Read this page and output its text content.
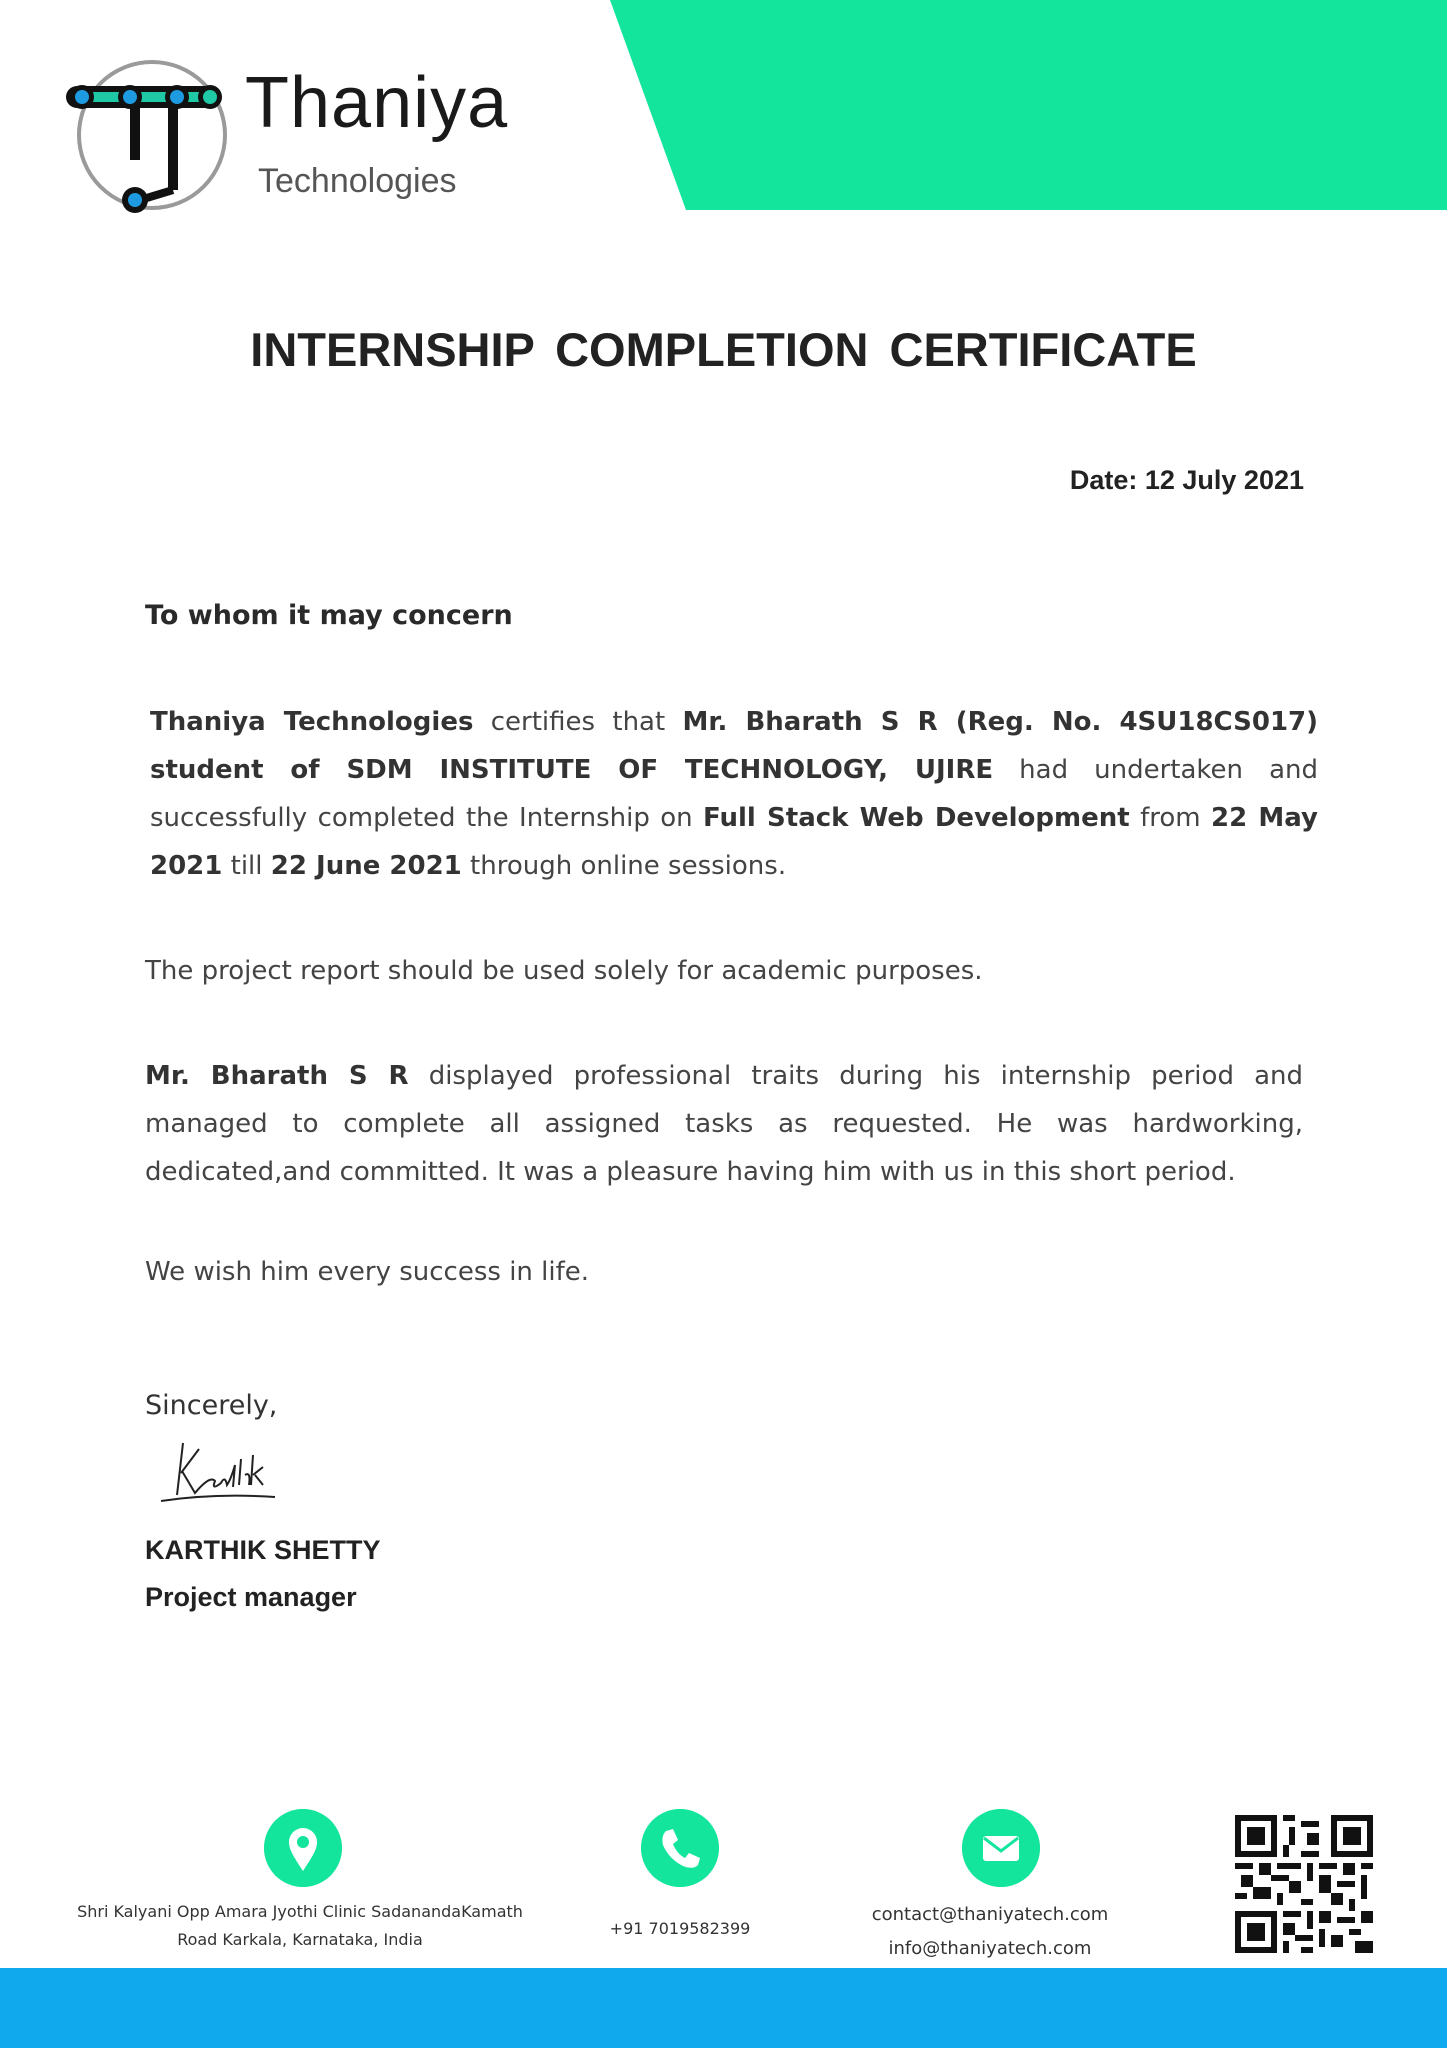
Thaniya
Technologies
INTERNSHIP COMPLETION CERTIFICATE
Date: 12 July 2021
To whom it may concern
Thaniya Technologies certifies that Mr. Bharath S R (Reg. No. 4SU18CS017) student of SDM INSTITUTE OF TECHNOLOGY, UJIRE had undertaken and successfully completed the Internship on Full Stack Web Development from 22 May 2021 till 22 June 2021 through online sessions.
The project report should be used solely for academic purposes.
Mr. Bharath S R displayed professional traits during his internship period and managed to complete all assigned tasks as requested. He was hardworking, dedicated,and committed. It was a pleasure having him with us in this short period.
We wish him every success in life.
Sincerely,
KARTHIK SHETTY
Project manager
Shri Kalyani Opp Amara Jyothi Clinic SadanandaKamath
Road Karkala, Karnataka, India
+91 7019582399
contact@thaniyatech.com
info@thaniyatech.com
